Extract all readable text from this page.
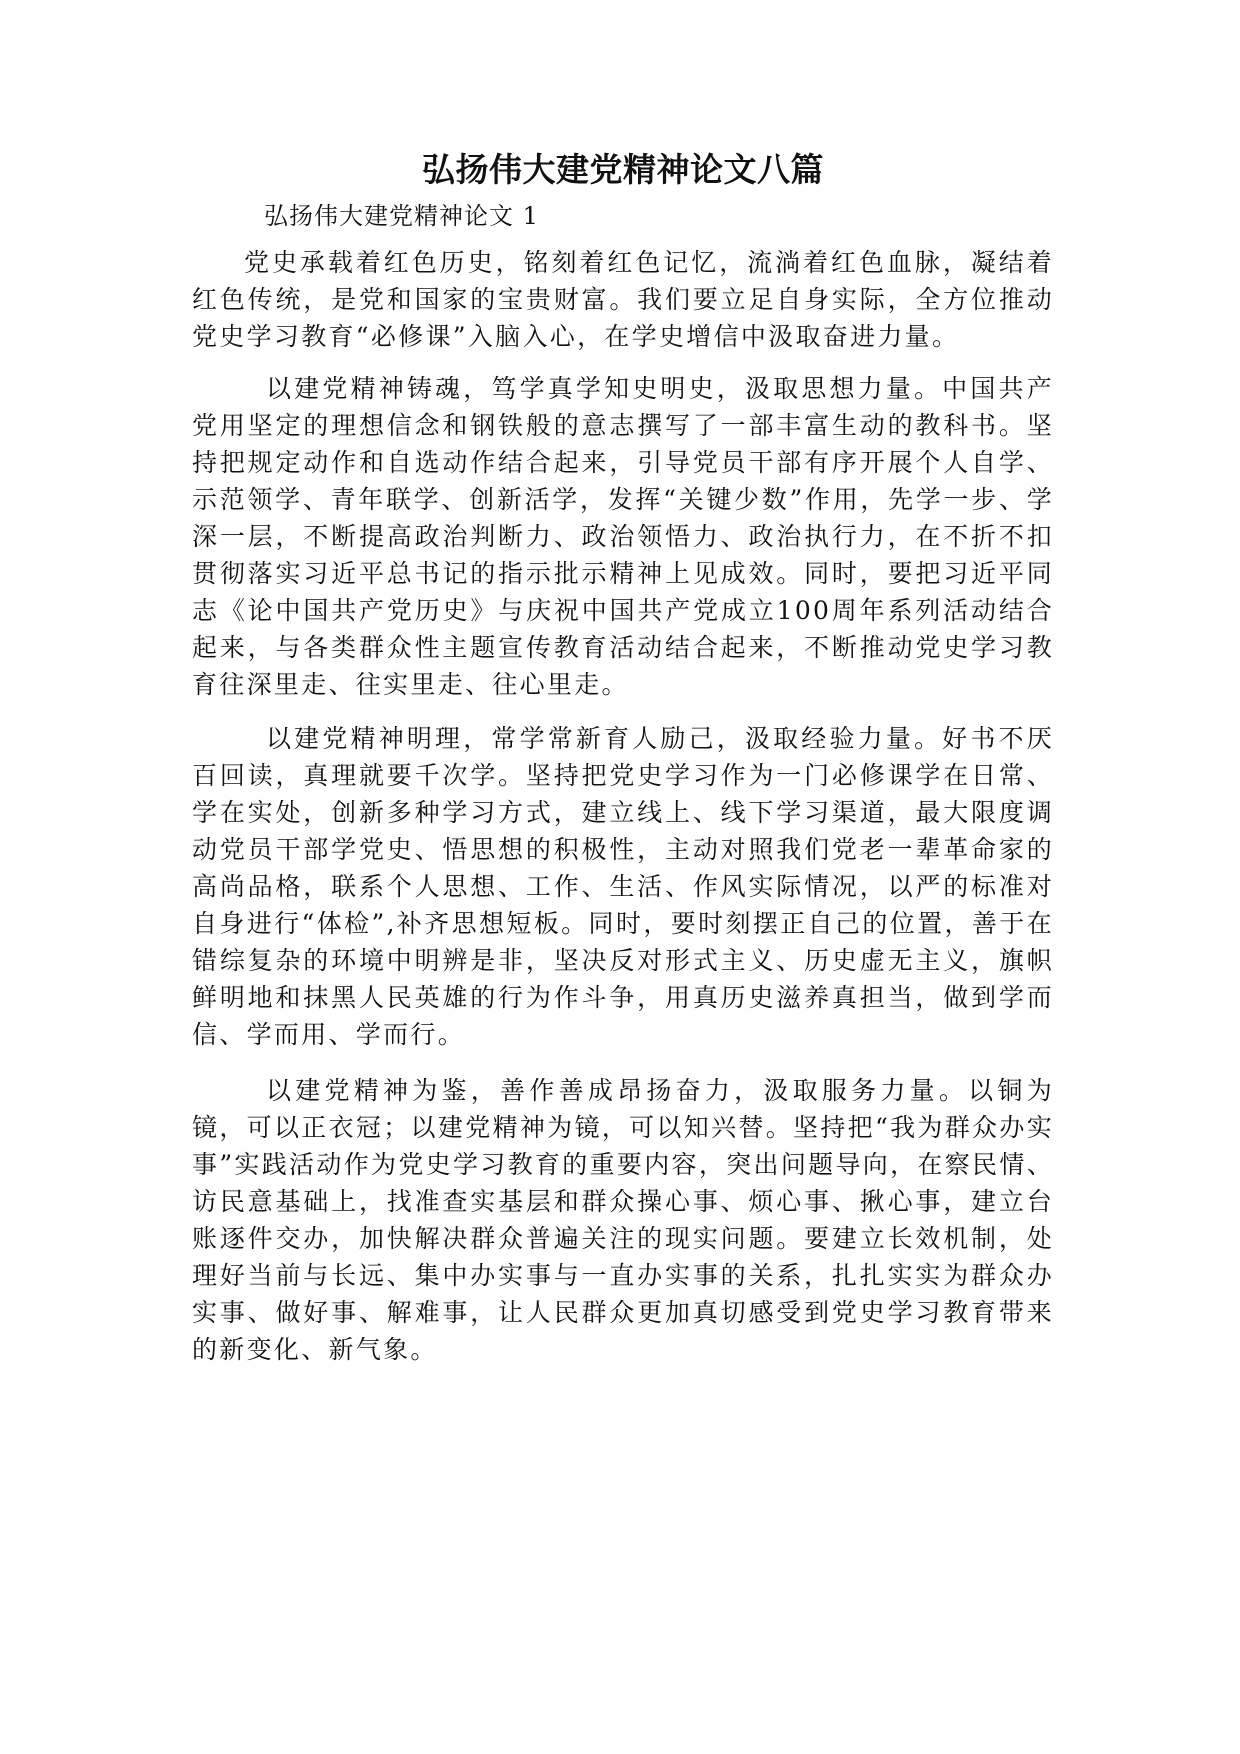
弘扬伟大建党精神论文八篇
弘扬伟大建党精神论文 1

党史承载着红色历史，铭刻着红色记忆，流淌着红色血脉，凝结着红色传统，是党和国家的宝贵财富。我们要立足自身实际，全方位推动党史学习教育“必修课”入脑入心，在学史增信中汲取奋进力量。

以建党精神铸魂，笃学真学知史明史，汲取思想力量。中国共产党用坚定的理想信念和钢铁般的意志撰写了一部丰富生动的教科书。坚持把规定动作和自选动作结合起来，引导党员干部有序开展个人自学、示范领学、青年联学、创新活学，发挥“关键少数”作用，先学一步、学深一层，不断提高政治判断力、政治领悟力、政治执行力，在不折不扣贯彻落实习近平总书记的指示批示精神上见成效。同时，要把习近平同志《论中国共产党历史》与庆祝中国共产党成立100周年系列活动结合起来，与各类群众性主题宣传教育活动结合起来，不断推动党史学习教育往深里走、往实里走、往心里走。

以建党精神明理，常学常新育人励己，汲取经验力量。好书不厌百回读，真理就要千次学。坚持把党史学习作为一门必修课学在日常、学在实处，创新多种学习方式，建立线上、线下学习渠道，最大限度调动党员干部学党史、悟思想的积极性，主动对照我们党老一辈革命家的高尚品格，联系个人思想、工作、生活、作风实际情况，以严的标准对自身进行“体检”,补齐思想短板。同时，要时刻摆正自己的位置，善于在错综复杂的环境中明辨是非，坚决反对形式主义、历史虚无主义，旗帜鲜明地和抹黑人民英雄的行为作斗争，用真历史滋养真担当，做到学而信、学而用、学而行。

以建党精神为鉴，善作善成昂扬奋力，汲取服务力量。以铜为镜，可以正衣冠；以建党精神为镜，可以知兴替。坚持把“我为群众办实事”实践活动作为党史学习教育的重要内容，突出问题导向，在察民情、访民意基础上，找准查实基层和群众操心事、烦心事、揪心事，建立台账逐件交办，加快解决群众普遍关注的现实问题。要建立长效机制，处理好当前与长远、集中办实事与一直办实事的关系，扎扎实实为群众办实事、做好事、解难事，让人民群众更加真切感受到党史学习教育带来的新变化、新气象。
